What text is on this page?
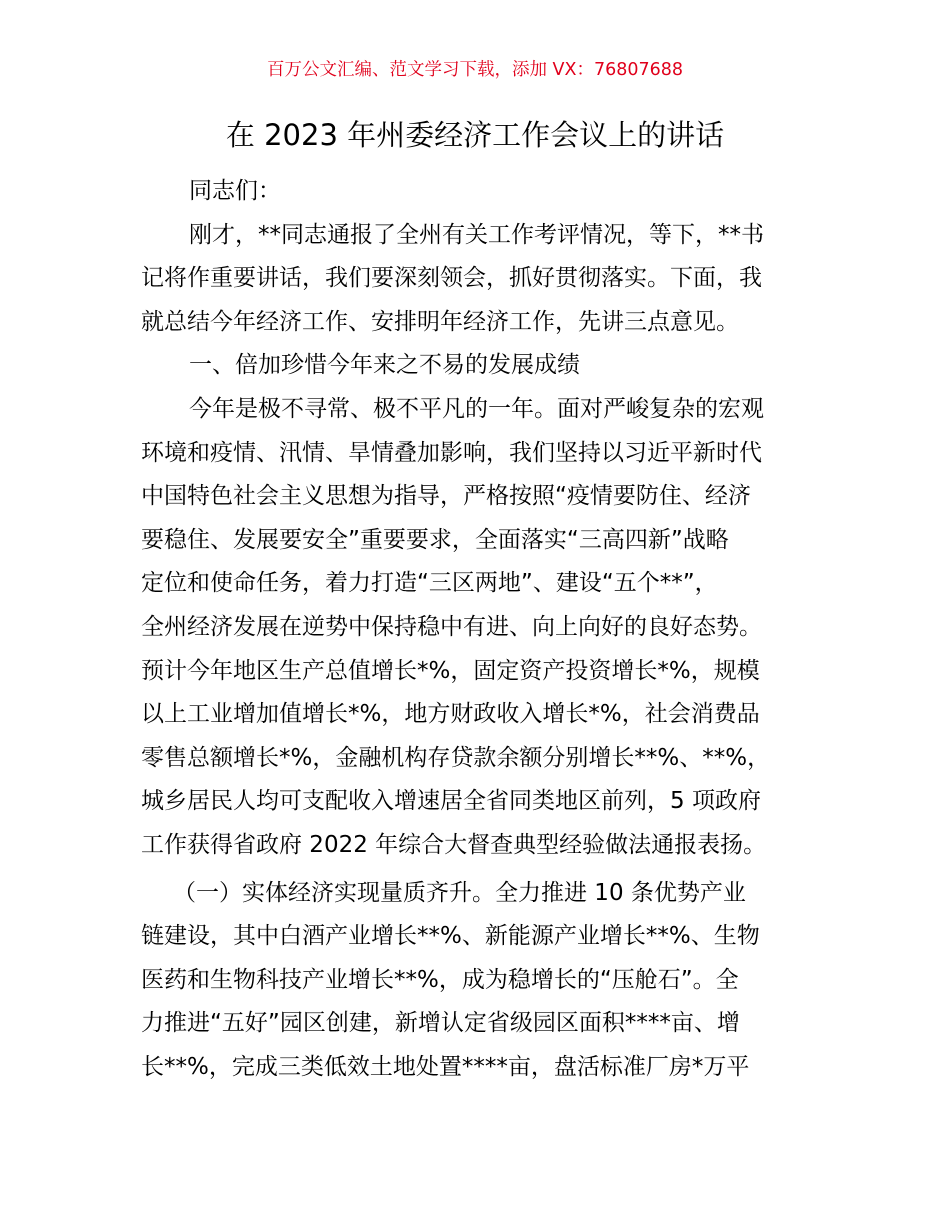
百万公文汇编、范文学习下载，添加 VX：76807688
在 2023 年州委经济工作会议上的讲话
同志们：
刚才，**同志通报了全州有关工作考评情况，等下，**书
记将作重要讲话，我们要深刻领会，抓好贯彻落实。下面，我
就总结今年经济工作、安排明年经济工作，先讲三点意见。
一、倍加珍惜今年来之不易的发展成绩
今年是极不寻常、极不平凡的一年。面对严峻复杂的宏观
环境和疫情、汛情、旱情叠加影响，我们坚持以习近平新时代
中国特色社会主义思想为指导，严格按照“疫情要防住、经济
要稳住、发展要安全”重要要求，全面落实“三高四新”战略
定位和使命任务，着力打造“三区两地”、建设“五个**”，
全州经济发展在逆势中保持稳中有进、向上向好的良好态势。
预计今年地区生产总值增长*%，固定资产投资增长*%，规模
以上工业增加值增长*%，地方财政收入增长*%，社会消费品
零售总额增长*%，金融机构存贷款余额分别增长**%、**%，
城乡居民人均可支配收入增速居全省同类地区前列，5 项政府
工作获得省政府 2022 年综合大督查典型经验做法通报表扬。
（一）实体经济实现量质齐升。全力推进 10 条优势产业
链建设，其中白酒产业增长**%、新能源产业增长**%、生物
医药和生物科技产业增长**%，成为稳增长的“压舱石”。全
力推进“五好”园区创建，新增认定省级园区面积****亩、增
长**%，完成三类低效土地处置****亩，盘活标准厂房*万平
